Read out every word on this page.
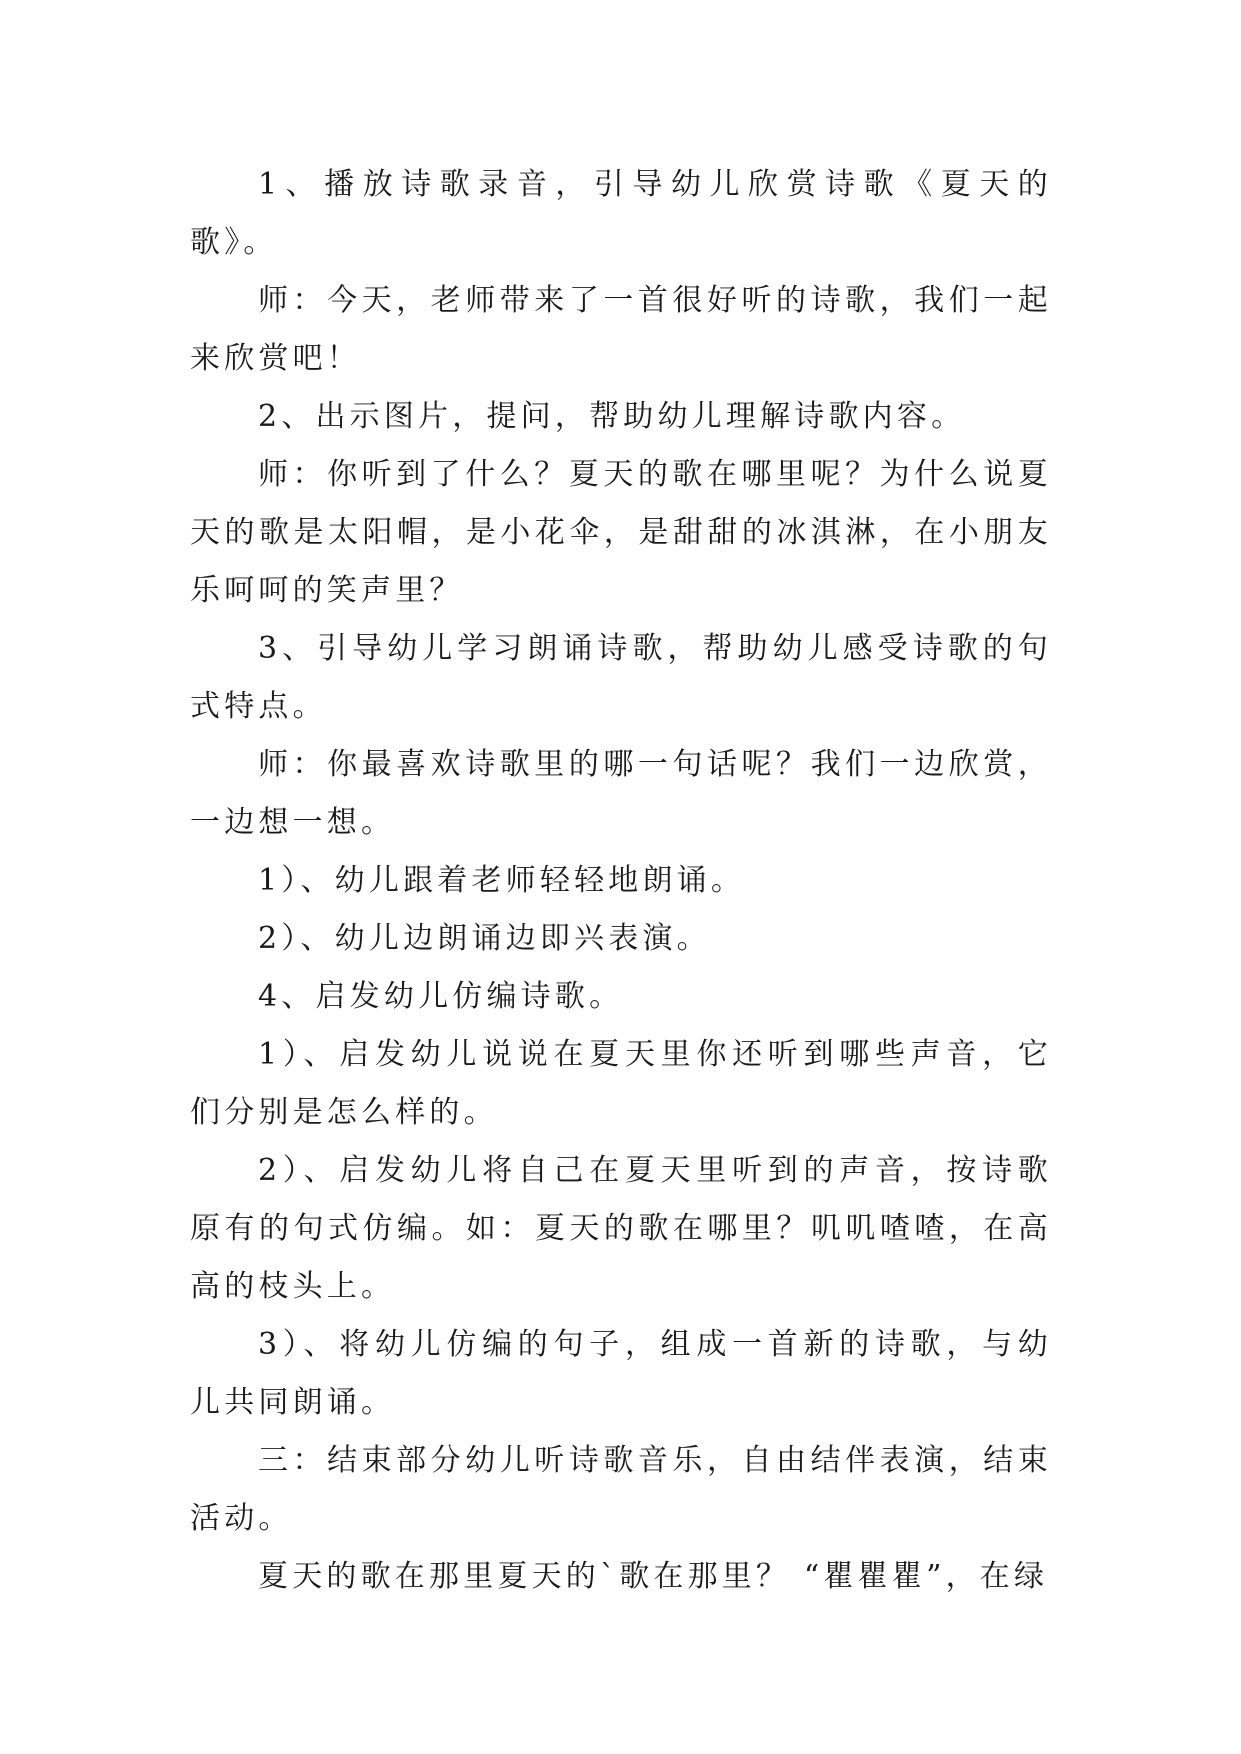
1、播放诗歌录音，引导幼儿欣赏诗歌《夏天的歌》。

师：今天，老师带来了一首很好听的诗歌，我们一起来欣赏吧！

2、出示图片，提问，帮助幼儿理解诗歌内容。

师：你听到了什么？夏天的歌在哪里呢？为什么说夏天的歌是太阳帽，是小花伞，是甜甜的冰淇淋，在小朋友乐呵呵的笑声里？

3、引导幼儿学习朗诵诗歌，帮助幼儿感受诗歌的句式特点。

师：你最喜欢诗歌里的哪一句话呢？我们一边欣赏，一边想一想。

1）、幼儿跟着老师轻轻地朗诵。

2）、幼儿边朗诵边即兴表演。

4、启发幼儿仿编诗歌。

1）、启发幼儿说说在夏天里你还听到哪些声音，它们分别是怎么样的。

2）、启发幼儿将自己在夏天里听到的声音，按诗歌原有的句式仿编。如：夏天的歌在哪里？叽叽喳喳，在高高的枝头上。

3）、将幼儿仿编的句子，组成一首新的诗歌，与幼儿共同朗诵。

三：结束部分幼儿听诗歌音乐，自由结伴表演，结束活动。

夏天的歌在那里夏天的`歌在那里？ “瞿瞿瞿”，在绿
